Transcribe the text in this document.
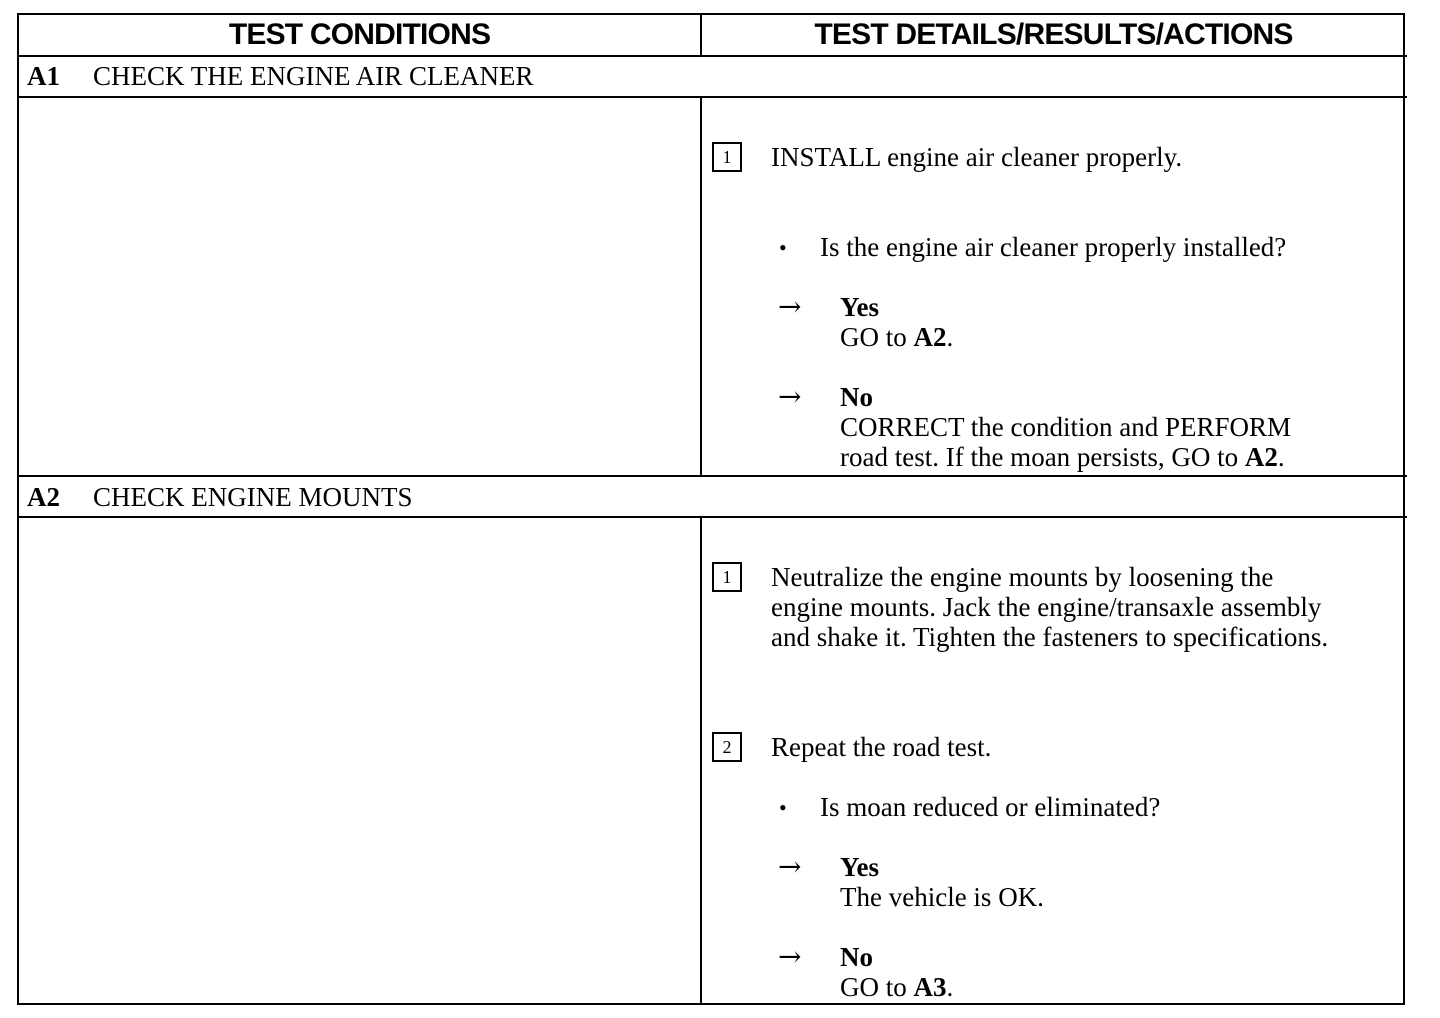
TEST CONDITIONS	TEST DETAILS/RESULTS/ACTIONS
A1	CHECK THE ENGINE AIR CLEANER
1	INSTALL engine air cleaner properly.
• Is the engine air cleaner properly installed?
→ Yes
GO to A2.
→ No
CORRECT the condition and PERFORM
road test. If the moan persists, GO to A2.
A2	CHECK ENGINE MOUNTS
1	Neutralize the engine mounts by loosening the
engine mounts. Jack the engine/transaxle assembly
and shake it. Tighten the fasteners to specifications.
2	Repeat the road test.
• Is moan reduced or eliminated?
→ Yes
The vehicle is OK.
→ No
GO to A3.
